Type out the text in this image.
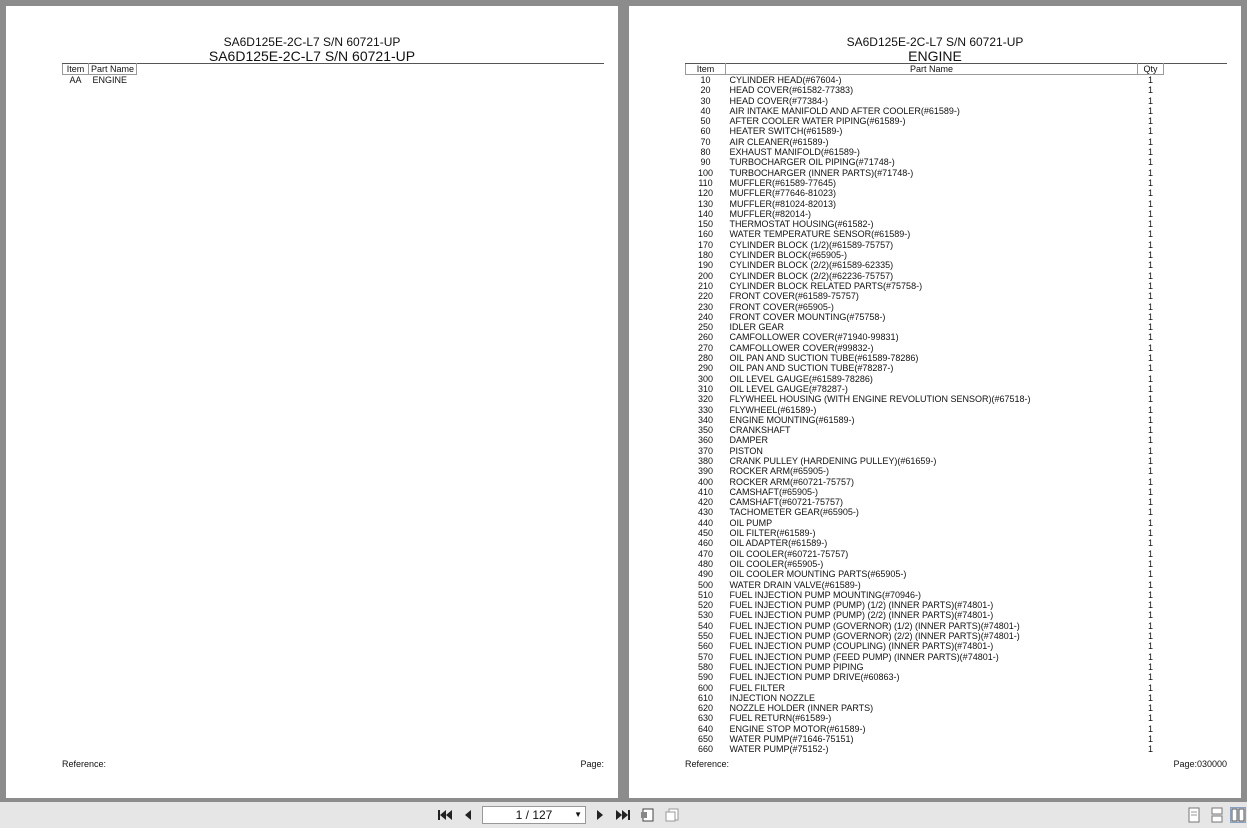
SA6D125E-2C-L7 S/N 60721-UP
SA6D125E-2C-L7 S/N 60721-UP
Item	Part Name	
AA	ENGINE	
Reference:	Page:
SA6D125E-2C-L7 S/N 60721-UP
ENGINE
Item	Part Name	Qty	
10	CYLINDER HEAD(#67604-)	1	
20	HEAD COVER(#61582-77383)	1	
30	HEAD COVER(#77384-)	1	
40	AIR INTAKE MANIFOLD AND AFTER COOLER(#61589-)	1	
50	AFTER COOLER WATER PIPING(#61589-)	1	
60	HEATER SWITCH(#61589-)	1	
70	AIR CLEANER(#61589-)	1	
80	EXHAUST MANIFOLD(#61589-)	1	
90	TURBOCHARGER OIL PIPING(#71748-)	1	
100	TURBOCHARGER (INNER PARTS)(#71748-)	1	
110	MUFFLER(#61589-77645)	1	
120	MUFFLER(#77646-81023)	1	
130	MUFFLER(#81024-82013)	1	
140	MUFFLER(#82014-)	1	
150	THERMOSTAT HOUSING(#61582-)	1	
160	WATER TEMPERATURE SENSOR(#61589-)	1	
170	CYLINDER BLOCK (1/2)(#61589-75757)	1	
180	CYLINDER BLOCK(#65905-)	1	
190	CYLINDER BLOCK (2/2)(#61589-62335)	1	
200	CYLINDER BLOCK (2/2)(#62236-75757)	1	
210	CYLINDER BLOCK RELATED PARTS(#75758-)	1	
220	FRONT COVER(#61589-75757)	1	
230	FRONT COVER(#65905-)	1	
240	FRONT COVER MOUNTING(#75758-)	1	
250	IDLER GEAR	1	
260	CAMFOLLOWER COVER(#71940-99831)	1	
270	CAMFOLLOWER COVER(#99832-)	1	
280	OIL PAN AND SUCTION TUBE(#61589-78286)	1	
290	OIL PAN AND SUCTION TUBE(#78287-)	1	
300	OIL LEVEL GAUGE(#61589-78286)	1	
310	OIL LEVEL GAUGE(#78287-)	1	
320	FLYWHEEL HOUSING (WITH ENGINE REVOLUTION SENSOR)(#67518-)	1	
330	FLYWHEEL(#61589-)	1	
340	ENGINE MOUNTING(#61589-)	1	
350	CRANKSHAFT	1	
360	DAMPER	1	
370	PISTON	1	
380	CRANK PULLEY (HARDENING PULLEY)(#61659-)	1	
390	ROCKER ARM(#65905-)	1	
400	ROCKER ARM(#60721-75757)	1	
410	CAMSHAFT(#65905-)	1	
420	CAMSHAFT(#60721-75757)	1	
430	TACHOMETER GEAR(#65905-)	1	
440	OIL PUMP	1	
450	OIL FILTER(#61589-)	1	
460	OIL ADAPTER(#61589-)	1	
470	OIL COOLER(#60721-75757)	1	
480	OIL COOLER(#65905-)	1	
490	OIL COOLER MOUNTING PARTS(#65905-)	1	
500	WATER DRAIN VALVE(#61589-)	1	
510	FUEL INJECTION PUMP MOUNTING(#70946-)	1	
520	FUEL INJECTION PUMP (PUMP) (1/2) (INNER PARTS)(#74801-)	1	
530	FUEL INJECTION PUMP (PUMP) (2/2) (INNER PARTS)(#74801-)	1	
540	FUEL INJECTION PUMP (GOVERNOR) (1/2) (INNER PARTS)(#74801-)	1	
550	FUEL INJECTION PUMP (GOVERNOR) (2/2) (INNER PARTS)(#74801-)	1	
560	FUEL INJECTION PUMP (COUPLING) (INNER PARTS)(#74801-)	1	
570	FUEL INJECTION PUMP (FEED PUMP) (INNER PARTS)(#74801-)	1	
580	FUEL INJECTION PUMP PIPING	1	
590	FUEL INJECTION PUMP DRIVE(#60863-)	1	
600	FUEL FILTER	1	
610	INJECTION NOZZLE	1	
620	NOZZLE HOLDER (INNER PARTS)	1	
630	FUEL RETURN(#61589-)	1	
640	ENGINE STOP MOTOR(#61589-)	1	
650	WATER PUMP(#71646-75151)	1	
660	WATER PUMP(#75152-)	1	
Reference:	Page:030000
1 / 127	▼
